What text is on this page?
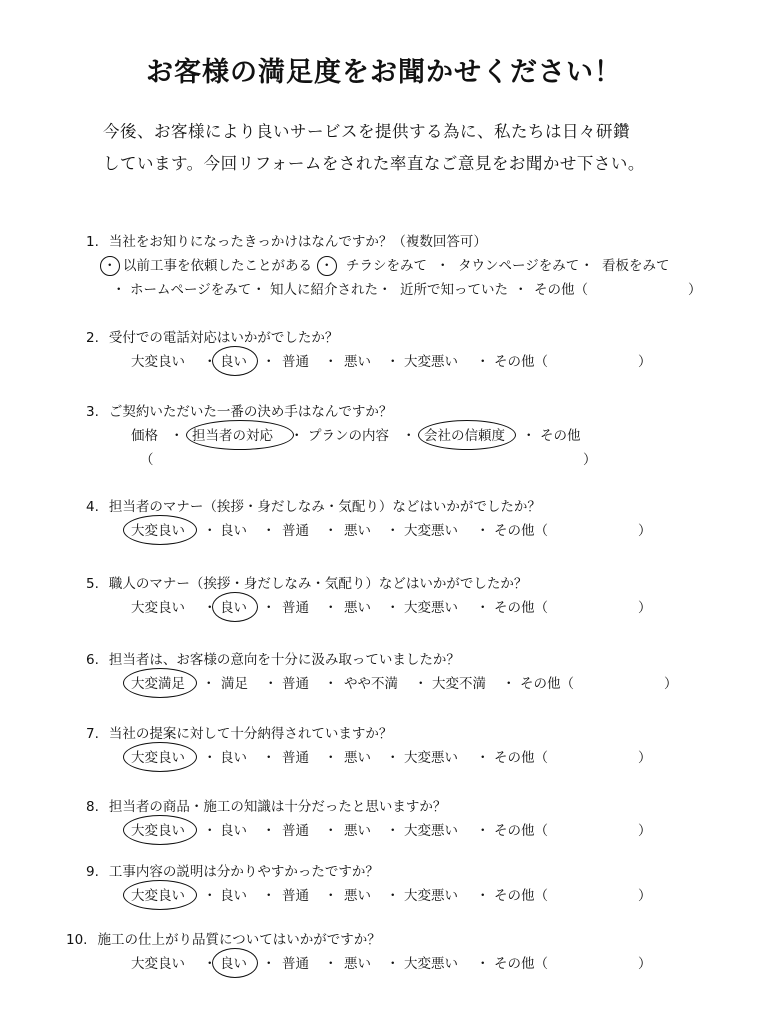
お客様の満足度をお聞かせください！
今後、お客様により良いサービスを提供する為に、私たちは日々研鑽
しています。今回リフォームをされた率直なご意見をお聞かせ下さい。
1. 当社をお知りになったきっかけはなんですか？（複数回答可）
・ 以前工事を依頼したことがある ・ チラシをみて ・ タウンページをみて ・ 看板をみて
・ ホームページをみて ・ 知人に紹介された ・ 近所で知っていた ・ その他（	）
3. ご契約いただいた一番の決め手はなんですか？
価格 ・ 担当者の対応 ・ プランの内容 ・ 会社の信頼度 ・ その他
（	）
2. 受付での電話対応はいかがでしたか？
大変良い ・ 良い ・ 普通 ・ 悪い ・ 大変悪い ・ その他（	）
4. 担当者のマナー（挨拶・身だしなみ・気配り）などはいかがでしたか？
大変良い ・ 良い ・ 普通 ・ 悪い ・ 大変悪い ・ その他（	）
5. 職人のマナー（挨拶・身だしなみ・気配り）などはいかがでしたか？
大変良い ・ 良い ・ 普通 ・ 悪い ・ 大変悪い ・ その他（	）
6. 担当者は、お客様の意向を十分に汲み取っていましたか？
大変満足 ・ 満足 ・ 普通 ・ やや不満 ・ 大変不満 ・ その他（	）
7. 当社の提案に対して十分納得されていますか？
大変良い ・ 良い ・ 普通 ・ 悪い ・ 大変悪い ・ その他（	）
8. 担当者の商品・施工の知識は十分だったと思いますか？
大変良い ・ 良い ・ 普通 ・ 悪い ・ 大変悪い ・ その他（	）
9. 工事内容の説明は分かりやすかったですか？
大変良い ・ 良い ・ 普通 ・ 悪い ・ 大変悪い ・ その他（	）
10. 施工の仕上がり品質についてはいかがですか？
大変良い ・ 良い ・ 普通 ・ 悪い ・ 大変悪い ・ その他（	）
